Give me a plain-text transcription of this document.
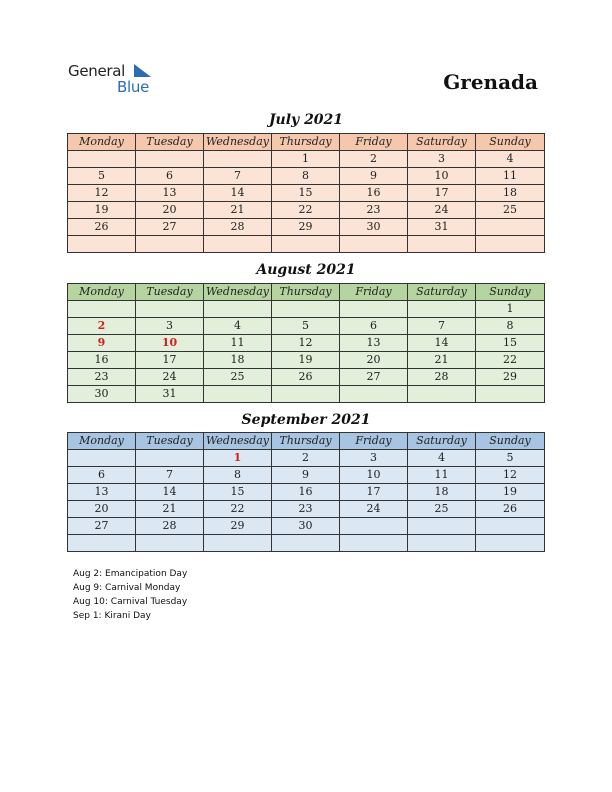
General
Blue	Grenada
July 2021
Monday	Tuesday	Wednesday	Thursday	Friday	Saturday	Sunday
			1	2	3	4
5	6	7	8	9	10	11
12	13	14	15	16	17	18
19	20	21	22	23	24	25
26	27	28	29	30	31	

August 2021
Monday	Tuesday	Wednesday	Thursday	Friday	Saturday	Sunday
						1
2	3	4	5	6	7	8
9	10	11	12	13	14	15
16	17	18	19	20	21	22
23	24	25	26	27	28	29
30	31					
September 2021
Monday	Tuesday	Wednesday	Thursday	Friday	Saturday	Sunday
		1	2	3	4	5
6	7	8	9	10	11	12
13	14	15	16	17	18	19
20	21	22	23	24	25	26
27	28	29	30			

Aug 2: Emancipation Day
Aug 9: Carnival Monday
Aug 10: Carnival Tuesday
Sep 1: Kirani Day
